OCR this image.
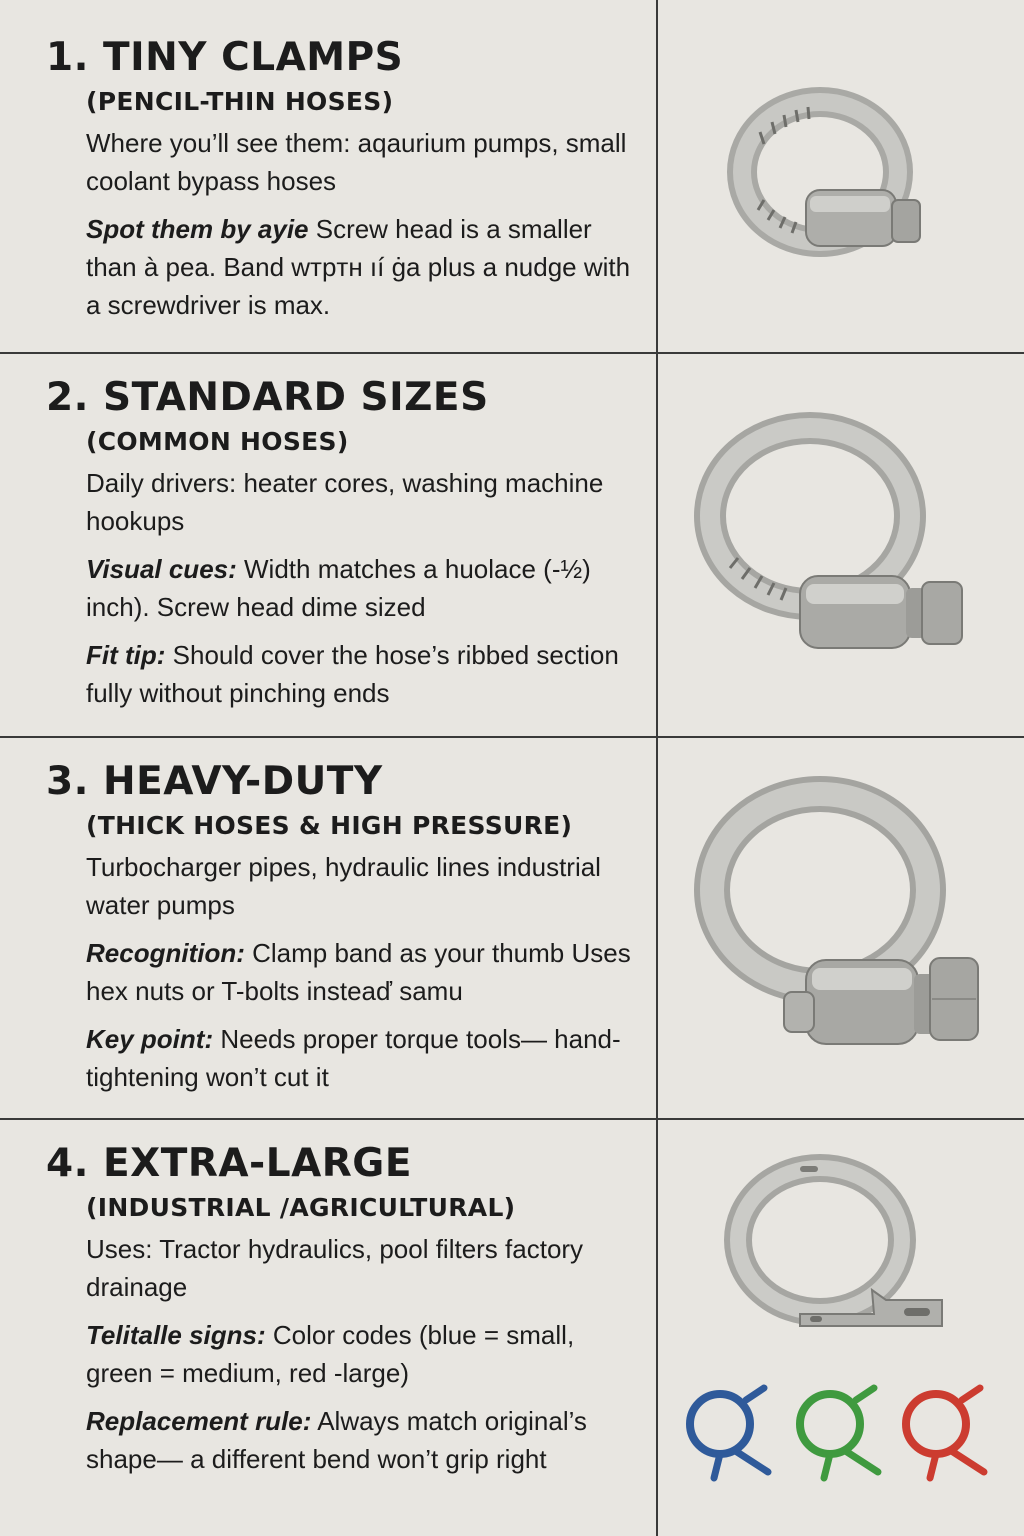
1. TINY CLAMPS
(PENCIL-THIN HOSES)
Where you’ll see them: aqaurium pumps, small coolant bypass hoses
Spot them by ayie Screw head is a smaller than à pea. Band wтpтн ıí ġa plus a nudge with a screwdriver is max.
2. STANDARD SIZES
(COMMON HOSES)
Daily drivers: heater cores, washing machine hookups
Visual cues: Width matches a huolace (-½) inch). Screw head dime sized
Fit tip: Should cover the hose’s ribbed section fully without pinching ends
3. HEAVY-DUTY
(THICK HOSES & HIGH PRESSURE)
Turbocharger pipes, hydraulic lines industrial water pumps
Recognition: Clamp band as your thumb Uses hex nuts or T-bolts insteaď samu
Key point: Needs proper torque tools— hand-tightening won’t cut it
4. EXTRA-LARGE
(INDUSTRIAL /AGRICULTURAL)
Uses: Tractor hydraulics, pool filters factory drainage
Telitalle signs: Color codes (blue = small, green = medium, red -large)
Replacement rule: Always match original’s shape— a different bend won’t grip right
